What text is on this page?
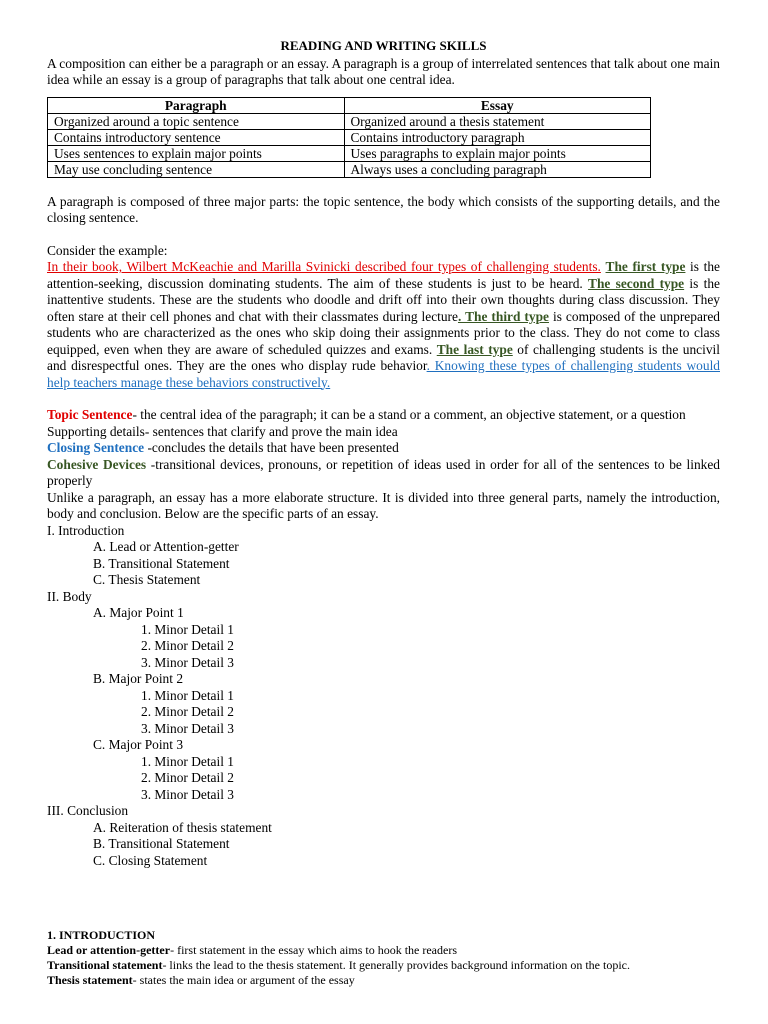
READING AND WRITING SKILLS

A composition can either be a paragraph or an essay. A paragraph is a group of interrelated sentences that talk about one main idea while an essay is a group of paragraphs that talk about one central idea.

Paragraph	Essay
Organized around a topic sentence	Organized around a thesis statement
Contains introductory sentence	Contains introductory paragraph
Uses sentences to explain major points	Uses paragraphs to explain major points
May use concluding sentence	Always uses a concluding paragraph

A paragraph is composed of three major parts: the topic sentence, the body which consists of the supporting details, and the closing sentence.

Consider the example:

In their book, Wilbert McKeachie and Marilla Svinicki described four types of challenging students. The first type is the attention-seeking, discussion dominating students. The aim of these students is just to be heard. The second type is the inattentive students. These are the students who doodle and drift off into their own thoughts during class discussion. They often stare at their cell phones and chat with their classmates during lecture. The third type is composed of the unprepared students who are characterized as the ones who skip doing their assignments prior to the class. They do not come to class equipped, even when they are aware of scheduled quizzes and exams. The last type of challenging students is the uncivil and disrespectful ones. They are the ones who display rude behavior. Knowing these types of challenging students would help teachers manage these behaviors constructively.

Topic Sentence- the central idea of the paragraph; it can be a stand or a comment, an objective statement, or a question

Supporting details- sentences that clarify and prove the main idea

Closing Sentence -concludes the details that have been presented

Cohesive Devices -transitional devices, pronouns, or repetition of ideas used in order for all of the sentences to be linked properly

Unlike a paragraph, an essay has a more elaborate structure. It is divided into three general parts, namely the introduction, body and conclusion. Below are the specific parts of an essay.

I. Introduction
A. Lead or Attention-getter
B. Transitional Statement
C. Thesis Statement
II. Body
A. Major Point 1
1. Minor Detail 1
2. Minor Detail 2
3. Minor Detail 3
B. Major Point 2
1. Minor Detail 1
2. Minor Detail 2
3. Minor Detail 3
C. Major Point 3
1. Minor Detail 1
2. Minor Detail 2
3. Minor Detail 3
III. Conclusion
A. Reiteration of thesis statement
B. Transitional Statement
C. Closing Statement

1. INTRODUCTION

Lead or attention-getter- first statement in the essay which aims to hook the readers

Transitional statement- links the lead to the thesis statement. It generally provides background information on the topic.

Thesis statement- states the main idea or argument of the essay
